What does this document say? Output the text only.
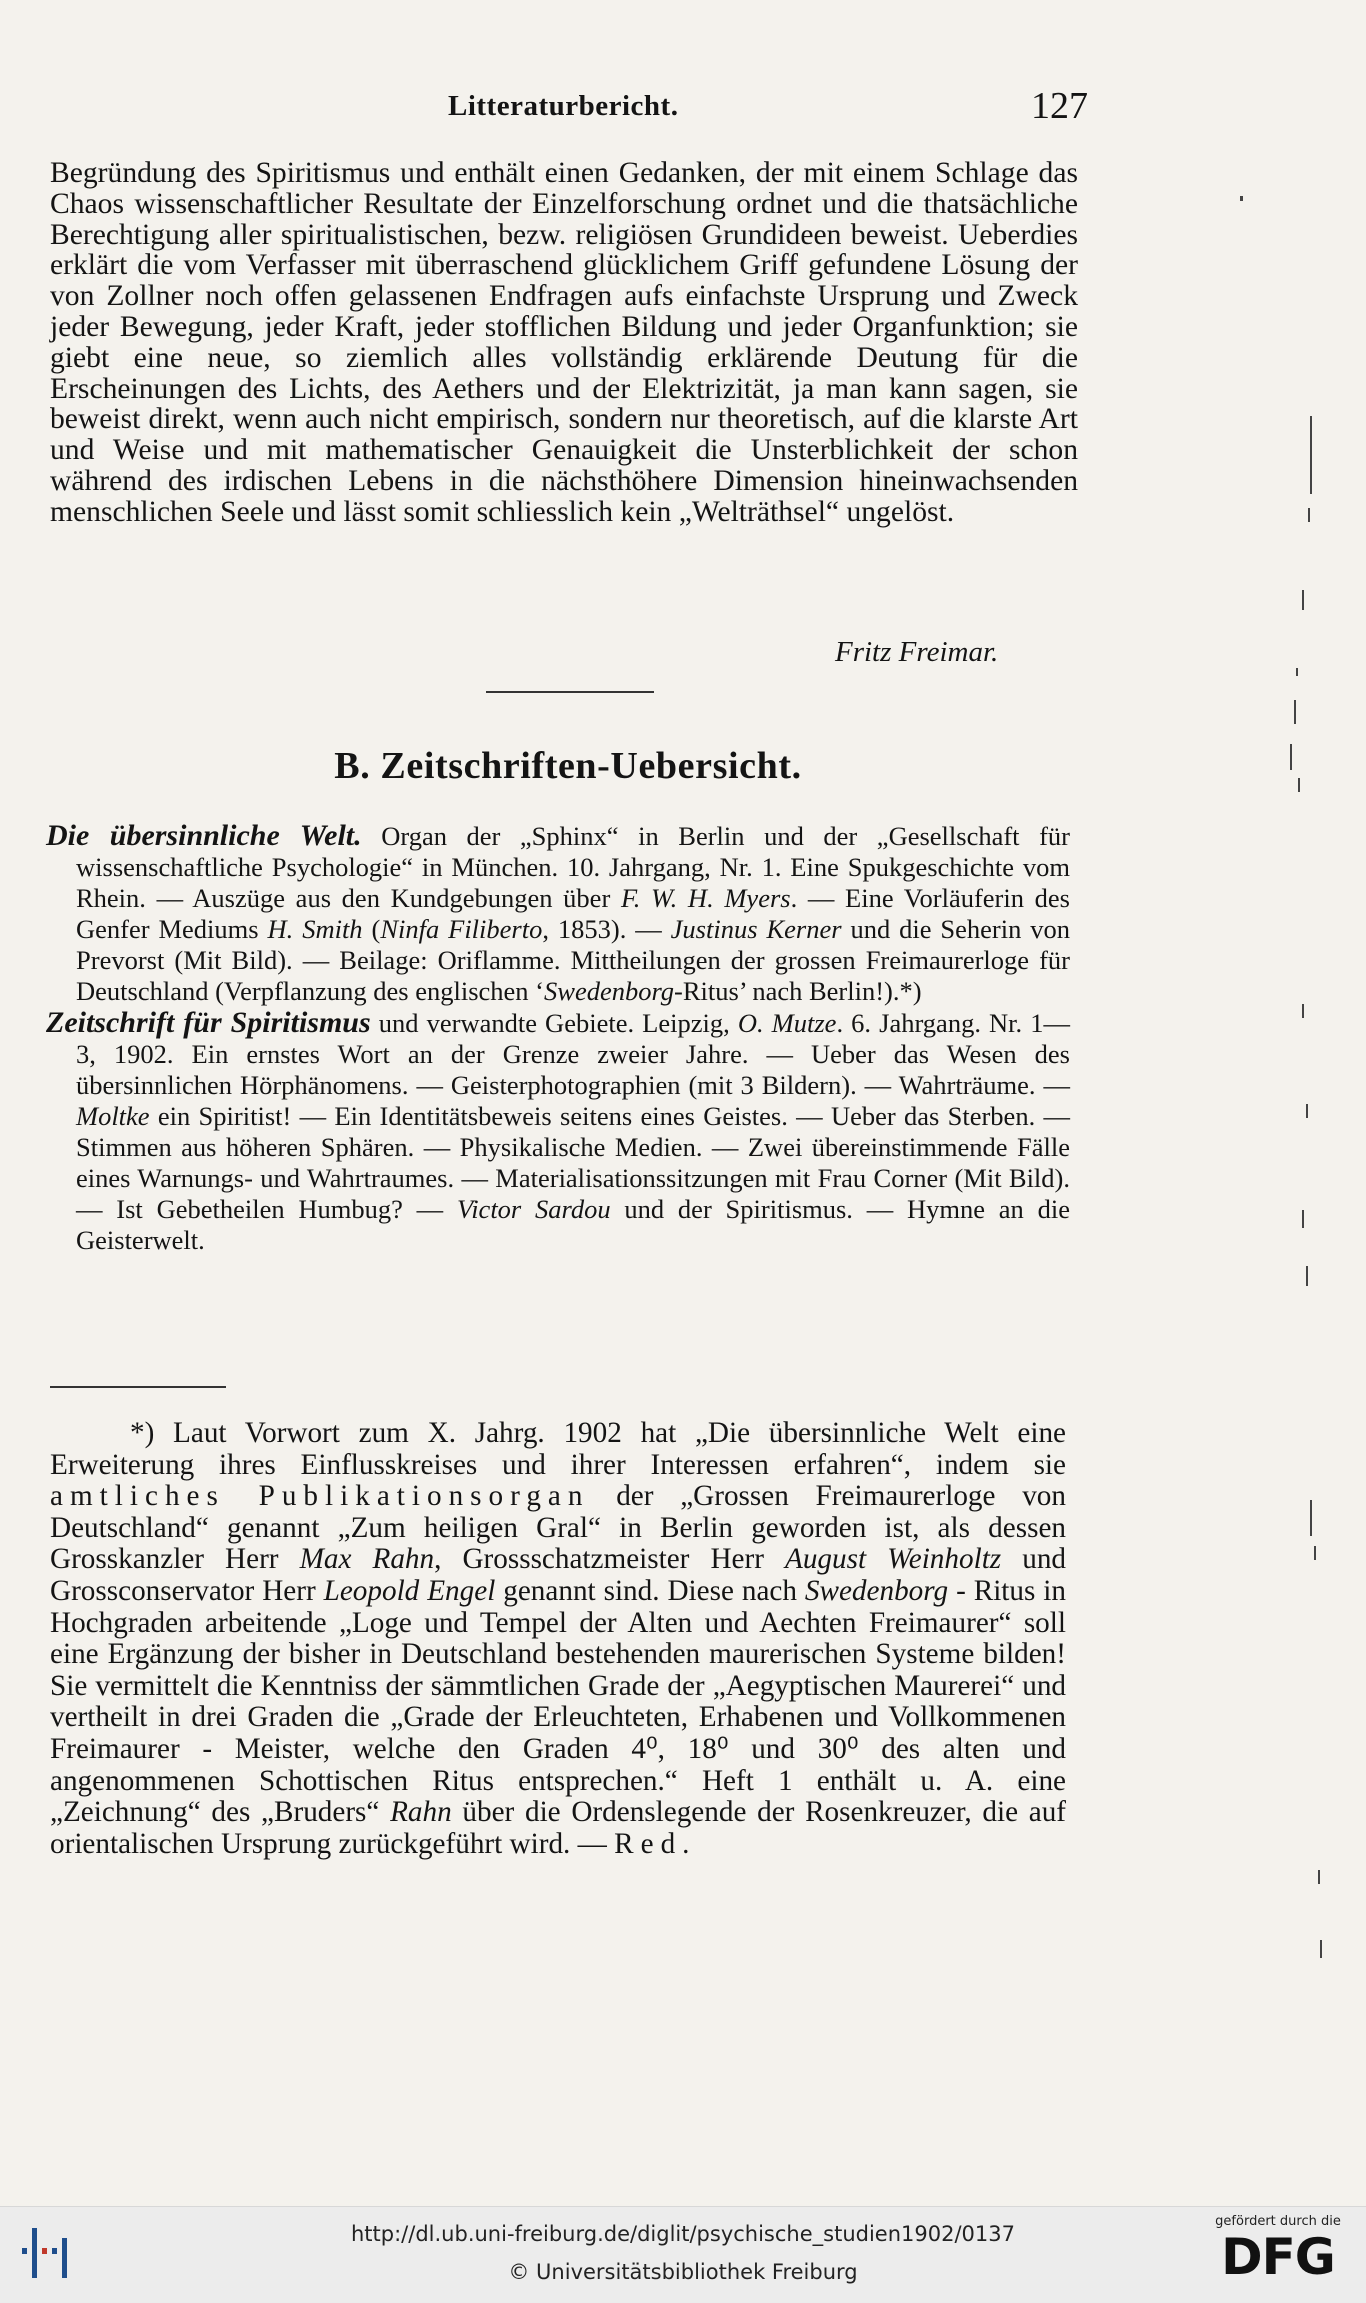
Litteraturbericht.	127

Begründung des Spiritismus und enthält einen Gedanken, der mit einem Schlage das Chaos wissenschaftlicher Resultate der Einzelforschung ordnet und die thatsächliche Berechtigung aller spiritualistischen, bezw. religiösen Grundideen beweist. Ueberdies erklärt die vom Verfasser mit überraschend glücklichem Griff gefundene Lösung der von Zollner noch offen gelassenen Endfragen aufs einfachste Ursprung und Zweck jeder Bewegung, jeder Kraft, jeder stofflichen Bildung und jeder Organfunktion; sie giebt eine neue, so ziemlich alles vollständig erklärende Deutung für die Erscheinungen des Lichts, des Aethers und der Elektrizität, ja man kann sagen, sie beweist direkt, wenn auch nicht empirisch, sondern nur theoretisch, auf die klarste Art und Weise und mit mathematischer Genauigkeit die Unsterblichkeit der schon während des irdischen Lebens in die nächsthöhere Dimension hineinwachsenden menschlichen Seele und lässt somit schliesslich kein „Welträthsel“ ungelöst.

Fritz Freimar.
B. Zeitschriften-Uebersicht.

Die übersinnliche Welt. Organ der „Sphinx“ in Berlin und der „Gesellschaft für wissenschaftliche Psychologie“ in München. 10. Jahrgang, Nr. 1. Eine Spukgeschichte vom Rhein. — Auszüge aus den Kundgebungen über F. W. H. Myers. — Eine Vorläuferin des Genfer Mediums H. Smith (Ninfa Filiberto, 1853). — Justinus Kerner und die Seherin von Prevorst (Mit Bild). — Beilage: Oriflamme. Mittheilungen der grossen Freimaurerloge für Deutschland (Verpflanzung des englischen ‘Swedenborg-Ritus’ nach Berlin!).*)

Zeitschrift für Spiritismus und verwandte Gebiete. Leipzig, O. Mutze. 6. Jahrgang. Nr. 1—3, 1902. Ein ernstes Wort an der Grenze zweier Jahre. — Ueber das Wesen des übersinnlichen Hörphänomens. — Geisterphotographien (mit 3 Bildern). — Wahrträume. — Moltke ein Spiritist! — Ein Identitätsbeweis seitens eines Geistes. — Ueber das Sterben. — Stimmen aus höheren Sphären. — Physikalische Medien. — Zwei übereinstimmende Fälle eines Warnungs- und Wahrtraumes. — Materialisationssitzungen mit Frau Corner (Mit Bild). — Ist Gebetheilen Humbug? — Victor Sardou und der Spiritismus. — Hymne an die Geisterwelt.

*) Laut Vorwort zum X. Jahrg. 1902 hat „Die übersinnliche Welt eine Erweiterung ihres Einflusskreises und ihrer Interessen erfahren“, indem sie amtliches Publikationsorgan der „Grossen Freimaurerloge von Deutschland“ genannt „Zum heiligen Gral“ in Berlin geworden ist, als dessen Grosskanzler Herr Max Rahn, Grossschatzmeister Herr August Weinholtz und Grossconservator Herr Leopold Engel genannt sind. Diese nach Swedenborg - Ritus in Hochgraden arbeitende „Loge und Tempel der Alten und Aechten Freimaurer“ soll eine Ergänzung der bisher in Deutschland bestehenden maurerischen Systeme bilden! Sie vermittelt die Kenntniss der sämmtlichen Grade der „Aegyptischen Maurerei“ und vertheilt in drei Graden die „Grade der Erleuchteten, Erhabenen und Vollkommenen Freimaurer - Meister, welche den Graden 4⁰, 18⁰ und 30⁰ des alten und angenommenen Schottischen Ritus entsprechen.“ Heft 1 enthält u. A. eine „Zeichnung“ des „Bruders“ Rahn über die Ordenslegende der Rosenkreuzer, die auf orientalischen Ursprung zurückgeführt wird. — Red.

http://dl.ub.uni-freiburg.de/diglit/psychische_studien1902/0137
© Universitätsbibliothek Freiburg
gefördert durch die
DFG
